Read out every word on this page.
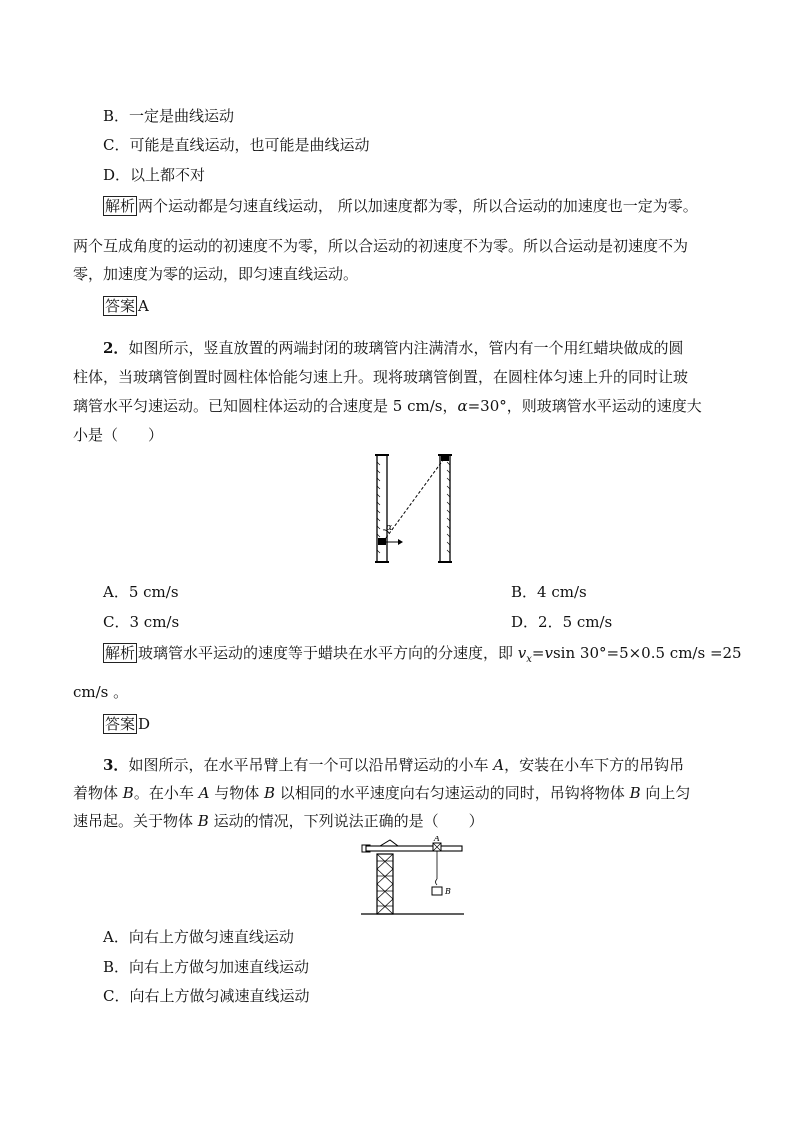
B．一定是曲线运动
C．可能是直线运动，也可能是曲线运动
D．以上都不对
解析 两个运动都是匀速直线运动， 所以加速度都为零，所以合运动的加速度也一定为零。
两个互成角度的运动的初速度不为零，所以合运动的初速度不为零。所以合运动是初速度不为
零，加速度为零的运动，即匀速直线运动。
答案 A
2．如图所示，竖直放置的两端封闭的玻璃管内注满清水，管内有一个用红蜡块做成的圆
柱体，当玻璃管倒置时圆柱体恰能匀速上升。现将玻璃管倒置，在圆柱体匀速上升的同时让玻
璃管水平匀速运动。已知圆柱体运动的合速度是 5 cm/s，α=30°，则玻璃管水平运动的速度大
小是（　　）
α
A．5 cm/s	B．4 cm/s
C．3 cm/s	D．2．5 cm/s
解析 玻璃管水平运动的速度等于蜡块在水平方向的分速度，即 $v_x=vsin$ 30°=5×0.5 cm/s =25
cm/s 。
答案 D
3．如图所示，在水平吊臂上有一个可以沿吊臂运动的小车 A，安装在小车下方的吊钩吊
着物体 B。在小车 A 与物体 B 以相同的水平速度向右匀速运动的同时，吊钩将物体 B 向上匀
速吊起。关于物体 B 运动的情况，下列说法正确的是（　　）
A
B
A．向右上方做匀速直线运动
B．向右上方做匀加速直线运动
C．向右上方做匀减速直线运动
